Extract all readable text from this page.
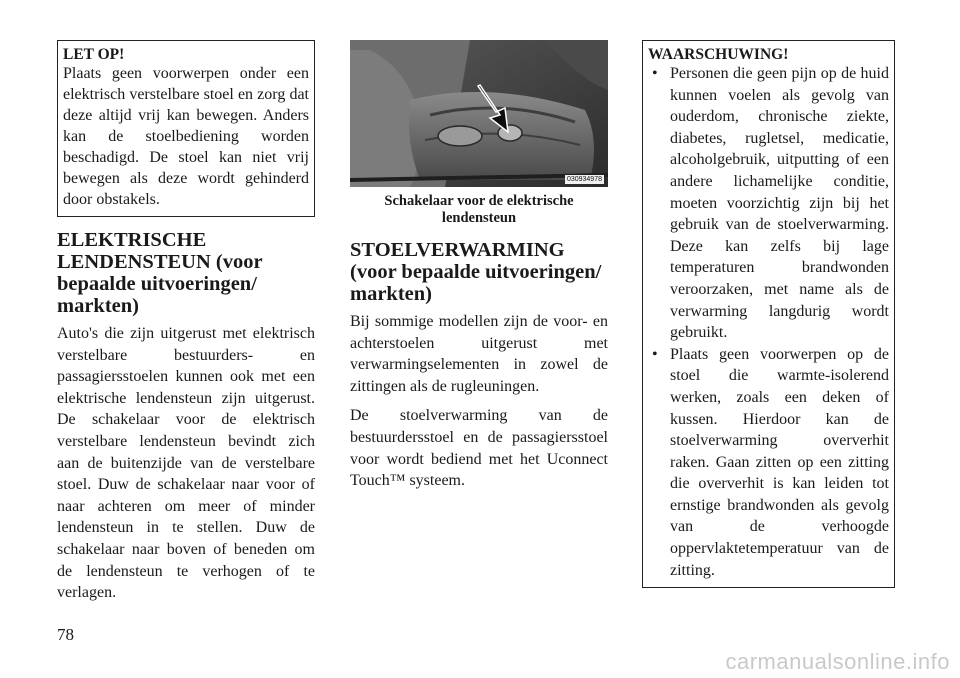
LET OP!

Plaats geen voorwerpen onder een elektrisch verstelbare stoel en zorg dat deze altijd vrij kan bewegen. Anders kan de stoelbediening worden beschadigd. De stoel kan niet vrij bewegen als deze wordt gehinderd door obstakels.

ELEKTRISCHE LENDENSTEUN (voor bepaalde uitvoeringen/ markten)

Auto's die zijn uitgerust met elektrisch verstelbare bestuurders- en passagiersstoelen kunnen ook met een elektrische lendensteun zijn uitgerust. De schakelaar voor de elektrisch verstelbare lendensteun bevindt zich aan de buitenzijde van de verstelbare stoel. Duw de schakelaar naar voor of naar achteren om meer of minder lendensteun in te stellen. Duw de schakelaar naar boven of beneden om de lendensteun te verhogen of te verlagen.

030934978
Schakelaar voor de elektrische lendensteun
STOELVERWARMING (voor bepaalde uitvoeringen/ markten)

Bij sommige modellen zijn de voor- en achterstoelen uitgerust met verwarmingselementen in zowel de zittingen als de rugleuningen.

De stoelverwarming van de bestuurdersstoel en de passagiersstoel voor wordt bediend met het Uconnect Touch™ systeem.

WAARSCHUWING!
• Personen die geen pijn op de huid kunnen voelen als gevolg van ouderdom, chronische ziekte, diabetes, rugletsel, medicatie, alcoholgebruik, uitputting of een andere lichamelijke conditie, moeten voorzichtig zijn bij het gebruik van de stoelverwarming. Deze kan zelfs bij lage temperaturen brandwonden veroorzaken, met name als de verwarming langdurig wordt gebruikt.
• Plaats geen voorwerpen op de stoel die warmte-isolerend werken, zoals een deken of kussen. Hierdoor kan de stoelverwarming oververhit raken. Gaan zitten op een zitting die oververhit is kan leiden tot ernstige brandwonden als gevolg van de verhoogde oppervlaktetemperatuur van de zitting.
78
carmanualsonline.info
